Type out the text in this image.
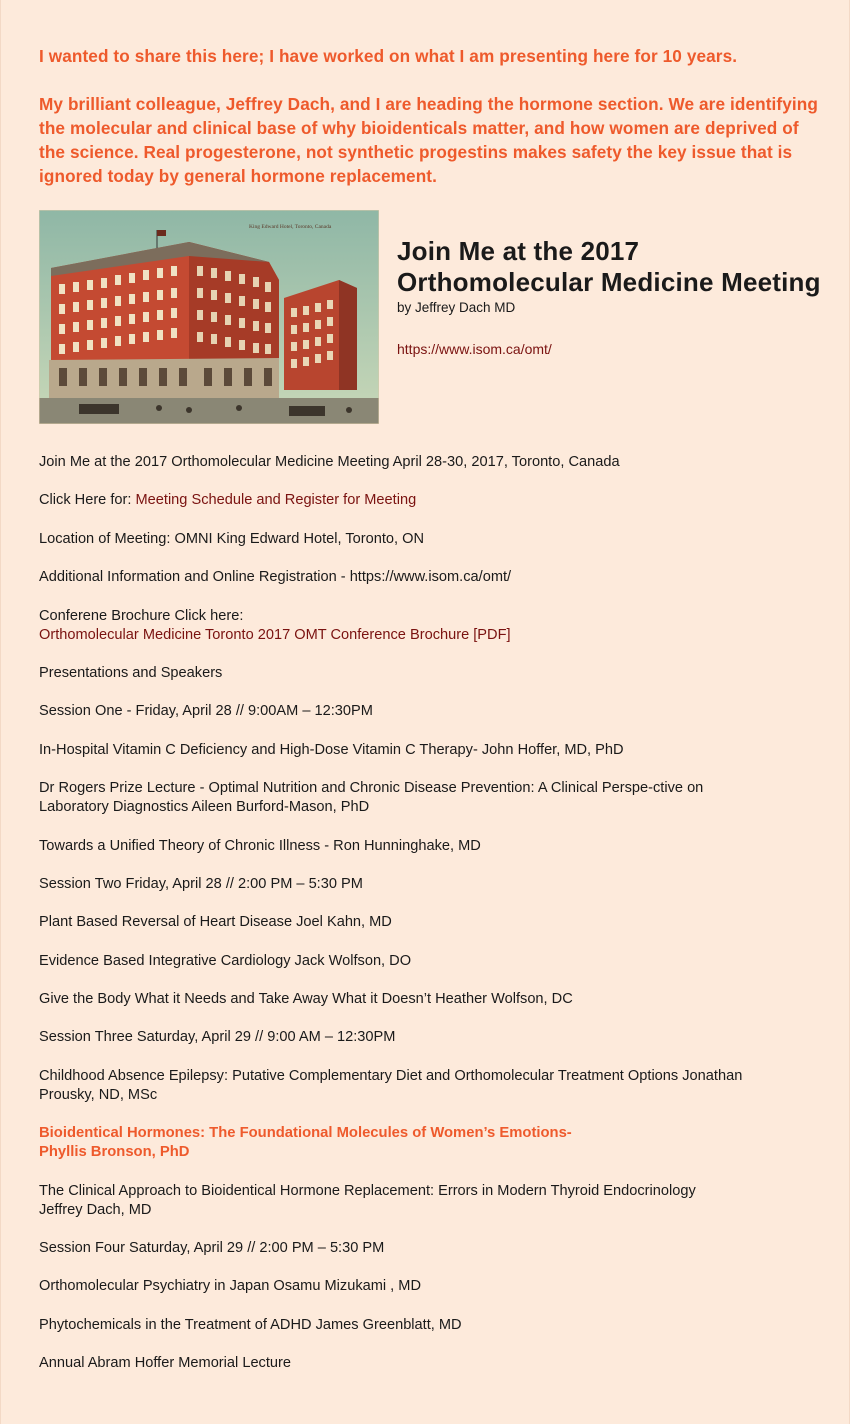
I wanted to share this here; I have worked on what I am presenting here for 10 years.

My brilliant colleague, Jeffrey Dach, and I are heading the hormone section. We are identifying the molecular and clinical base of why bioidenticals matter, and how women are deprived of the science. Real progesterone, not synthetic progestins makes safety the key issue that is ignored today by general hormone replacement.

King Edward Hotel, Toronto, Canada
Join Me at the 2017 Orthomolecular Medicine Meeting
by Jeffrey Dach MD
https://www.isom.ca/omt/

Join Me at the 2017 Orthomolecular Medicine Meeting April 28-30, 2017, Toronto, Canada

Click Here for: Meeting Schedule and Register for Meeting

Location of Meeting: OMNI King Edward Hotel, Toronto, ON

Additional Information and Online Registration - https://www.isom.ca/omt/

Conferene Brochure Click here:
Orthomolecular Medicine Toronto 2017 OMT Conference Brochure [PDF]

Presentations and Speakers

Session One - Friday, April 28 // 9:00AM – 12:30PM

In-Hospital Vitamin C Deficiency and High-Dose Vitamin C Therapy- John Hoffer, MD, PhD

Dr Rogers Prize Lecture - Optimal Nutrition and Chronic Disease Prevention: A Clinical Perspe-ctive on
Laboratory Diagnostics Aileen Burford-Mason, PhD

Towards a Unified Theory of Chronic Illness - Ron Hunninghake, MD

Session Two Friday, April 28 // 2:00 PM – 5:30 PM

Plant Based Reversal of Heart Disease Joel Kahn, MD

Evidence Based Integrative Cardiology Jack Wolfson, DO

Give the Body What it Needs and Take Away What it Doesn’t Heather Wolfson, DC

Session Three Saturday, April 29 // 9:00 AM – 12:30PM

Childhood Absence Epilepsy: Putative Complementary Diet and Orthomolecular Treatment Options Jonathan
Prousky, ND, MSc

Bioidentical Hormones: The Foundational Molecules of Women’s Emotions-
Phyllis Bronson, PhD

The Clinical Approach to Bioidentical Hormone Replacement: Errors in Modern Thyroid Endocrinology
Jeffrey Dach, MD

Session Four Saturday, April 29 // 2:00 PM – 5:30 PM

Orthomolecular Psychiatry in Japan Osamu Mizukami , MD

Phytochemicals in the Treatment of ADHD James Greenblatt, MD

Annual Abram Hoffer Memorial Lecture
